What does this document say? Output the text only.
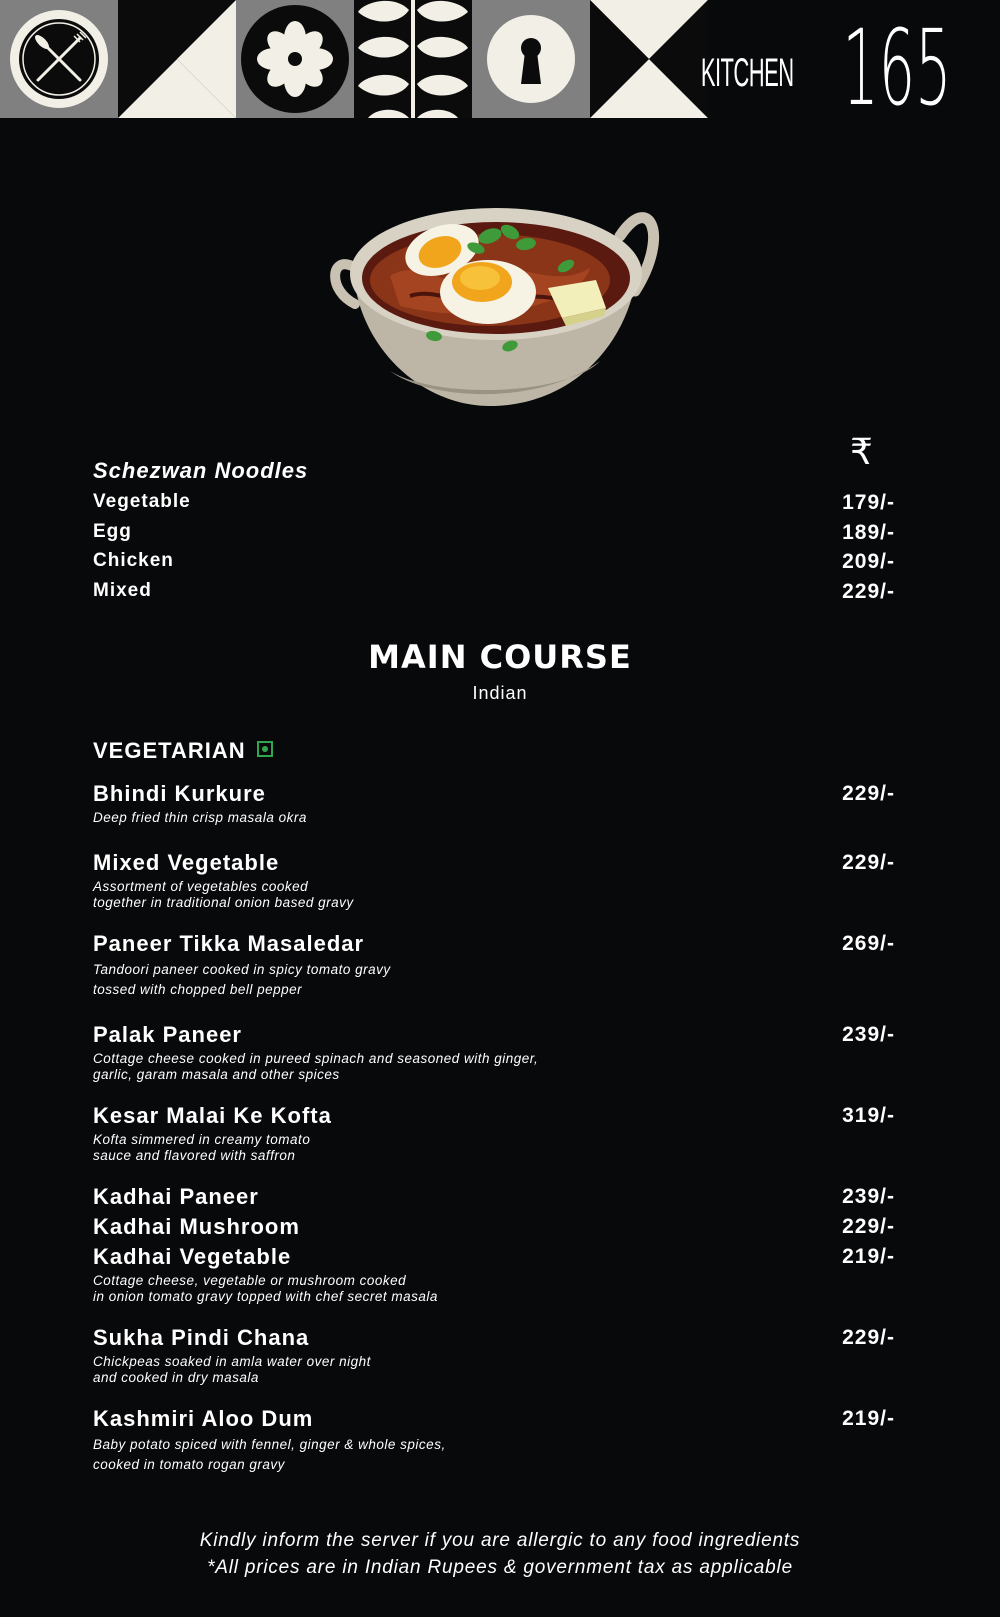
KITCHEN 165
₹
Schezwan Noodles
Vegetable	179/-
Egg	189/-
Chicken	209/-
Mixed	229/-
MAIN COURSE
Indian
VEGETARIAN
Bhindi Kurkure	229/-
Deep fried thin crisp masala okra
Mixed Vegetable	229/-
Assortment of vegetables cooked
together in traditional onion based gravy
Paneer Tikka Masaledar	269/-
Tandoori paneer cooked in spicy tomato gravy
tossed with chopped bell pepper
Palak Paneer	239/-
Cottage cheese cooked in pureed spinach and seasoned with ginger,
garlic, garam masala and other spices
Kesar Malai Ke Kofta	319/-
Kofta simmered in creamy tomato
sauce and flavored with saffron
Kadhai Paneer	239/-
Kadhai Mushroom	229/-
Kadhai Vegetable	219/-
Cottage cheese, vegetable or mushroom cooked
in onion tomato gravy topped with chef secret masala
Sukha Pindi Chana	229/-
Chickpeas soaked in amla water over night
and cooked in dry masala
Kashmiri Aloo Dum	219/-
Baby potato spiced with fennel, ginger & whole spices,
cooked in tomato rogan gravy
Kindly inform the server if you are allergic to any food ingredients
*All prices are in Indian Rupees & government tax as applicable
